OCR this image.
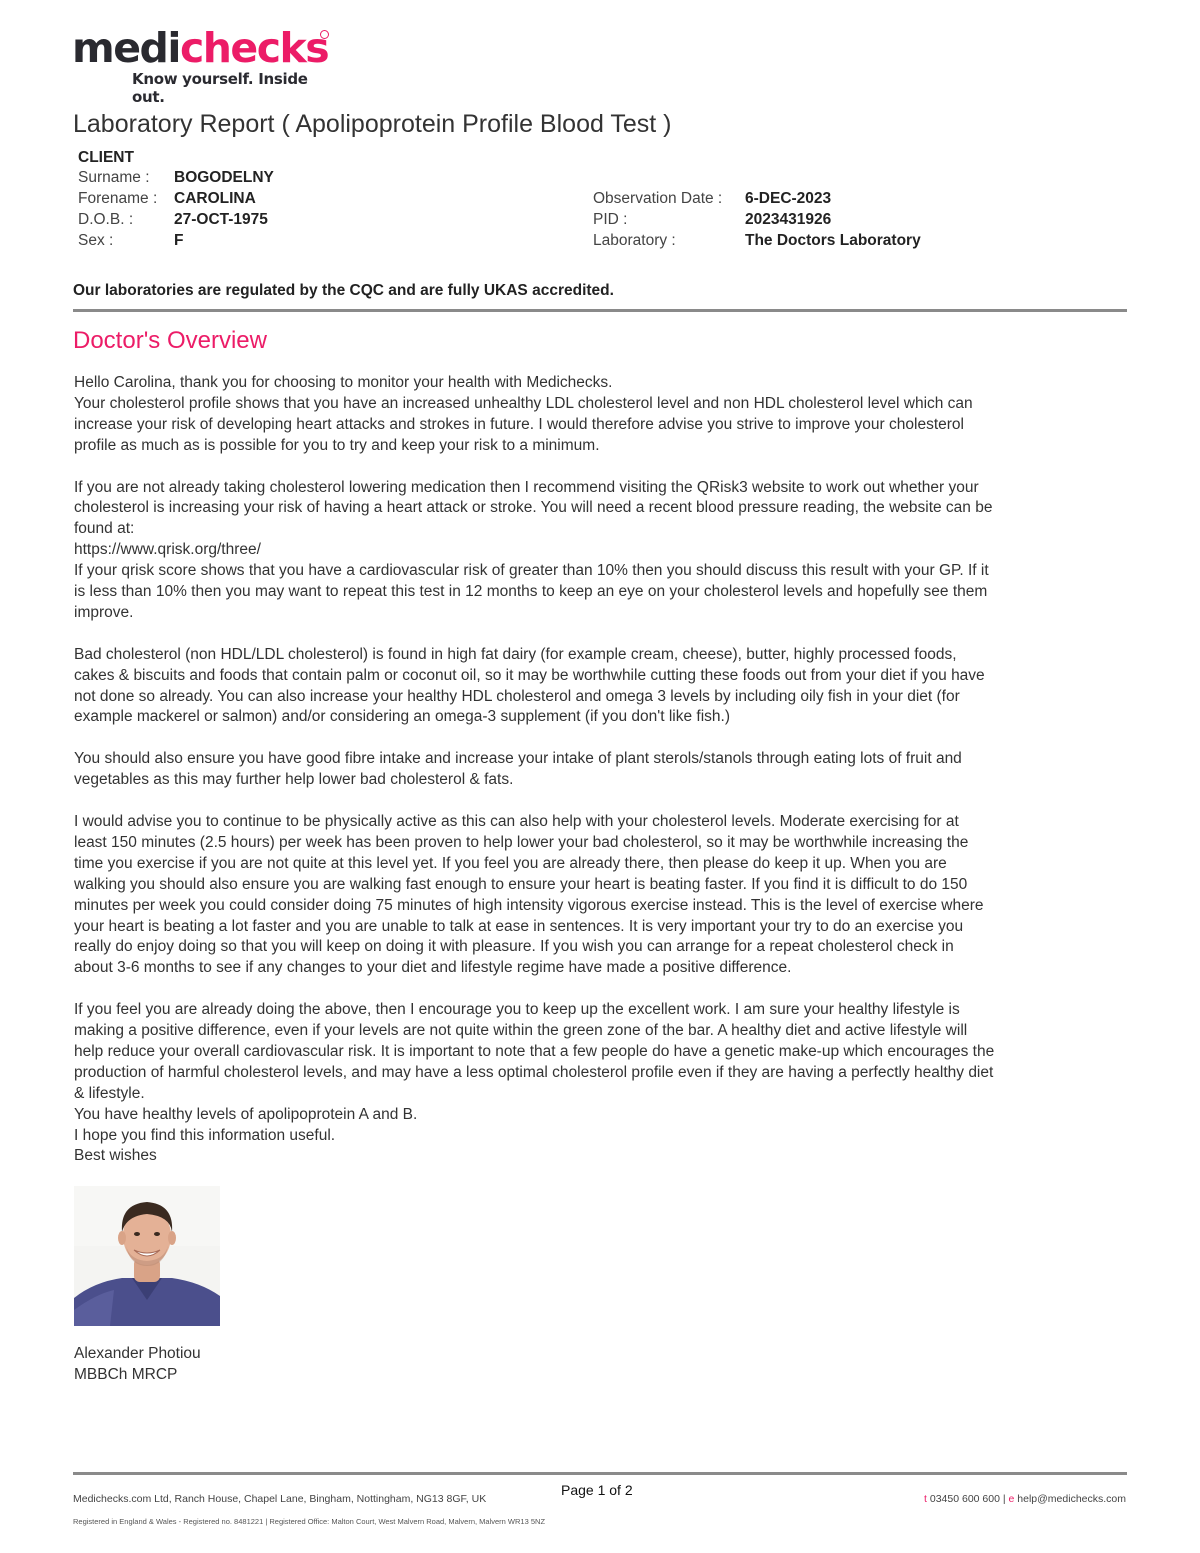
medichecks
Know yourself. Inside out.
Laboratory Report ( Apolipoprotein Profile Blood Test )
CLIENT
Surname : BOGODELNY
Forename : CAROLINA
D.O.B. :	27-OCT-1975
Sex :	F
Observation Date : 6-DEC-2023
PID :	2023431926
Laboratory :	The Doctors Laboratory
Our laboratories are regulated by the CQC and are fully UKAS accredited.
Doctor's Overview

Hello Carolina, thank you for choosing to monitor your health with Medichecks.
Your cholesterol profile shows that you have an increased unhealthy LDL cholesterol level and non HDL cholesterol level which can
increase your risk of developing heart attacks and strokes in future. I would therefore advise you strive to improve your cholesterol
profile as much as is possible for you to try and keep your risk to a minimum.

If you are not already taking cholesterol lowering medication then I recommend visiting the QRisk3 website to work out whether your
cholesterol is increasing your risk of having a heart attack or stroke. You will need a recent blood pressure reading, the website can be
found at:
https://www.qrisk.org/three/
If your qrisk score shows that you have a cardiovascular risk of greater than 10% then you should discuss this result with your GP. If it
is less than 10% then you may want to repeat this test in 12 months to keep an eye on your cholesterol levels and hopefully see them
improve.

Bad cholesterol (non HDL/LDL cholesterol) is found in high fat dairy (for example cream, cheese), butter, highly processed foods,
cakes & biscuits and foods that contain palm or coconut oil, so it may be worthwhile cutting these foods out from your diet if you have
not done so already. You can also increase your healthy HDL cholesterol and omega 3 levels by including oily fish in your diet (for
example mackerel or salmon) and/or considering an omega-3 supplement (if you don't like fish.)

You should also ensure you have good fibre intake and increase your intake of plant sterols/stanols through eating lots of fruit and
vegetables as this may further help lower bad cholesterol & fats.

I would advise you to continue to be physically active as this can also help with your cholesterol levels. Moderate exercising for at
least 150 minutes (2.5 hours) per week has been proven to help lower your bad cholesterol, so it may be worthwhile increasing the
time you exercise if you are not quite at this level yet. If you feel you are already there, then please do keep it up. When you are
walking you should also ensure you are walking fast enough to ensure your heart is beating faster. If you find it is difficult to do 150
minutes per week you could consider doing 75 minutes of high intensity vigorous exercise instead. This is the level of exercise where
your heart is beating a lot faster and you are unable to talk at ease in sentences. It is very important your try to do an exercise you
really do enjoy doing so that you will keep on doing it with pleasure. If you wish you can arrange for a repeat cholesterol check in
about 3-6 months to see if any changes to your diet and lifestyle regime have made a positive difference.

If you feel you are already doing the above, then I encourage you to keep up the excellent work. I am sure your healthy lifestyle is
making a positive difference, even if your levels are not quite within the green zone of the bar. A healthy diet and active lifestyle will
help reduce your overall cardiovascular risk. It is important to note that a few people do have a genetic make-up which encourages the
production of harmful cholesterol levels, and may have a less optimal cholesterol profile even if they are having a perfectly healthy diet
& lifestyle.
You have healthy levels of apolipoprotein A and B.
I hope you find this information useful.
Best wishes

Alexander Photiou
MBBCh MRCP
Medichecks.com Ltd, Ranch House, Chapel Lane, Bingham, Nottingham, NG13 8GF, UK
Page 1 of 2
t 03450 600 600 | e help@medichecks.com
Registered in England & Wales - Registered no. 8481221 | Registered Office: Malton Court, West Malvern Road, Malvern, Malvern WR13 5NZ
